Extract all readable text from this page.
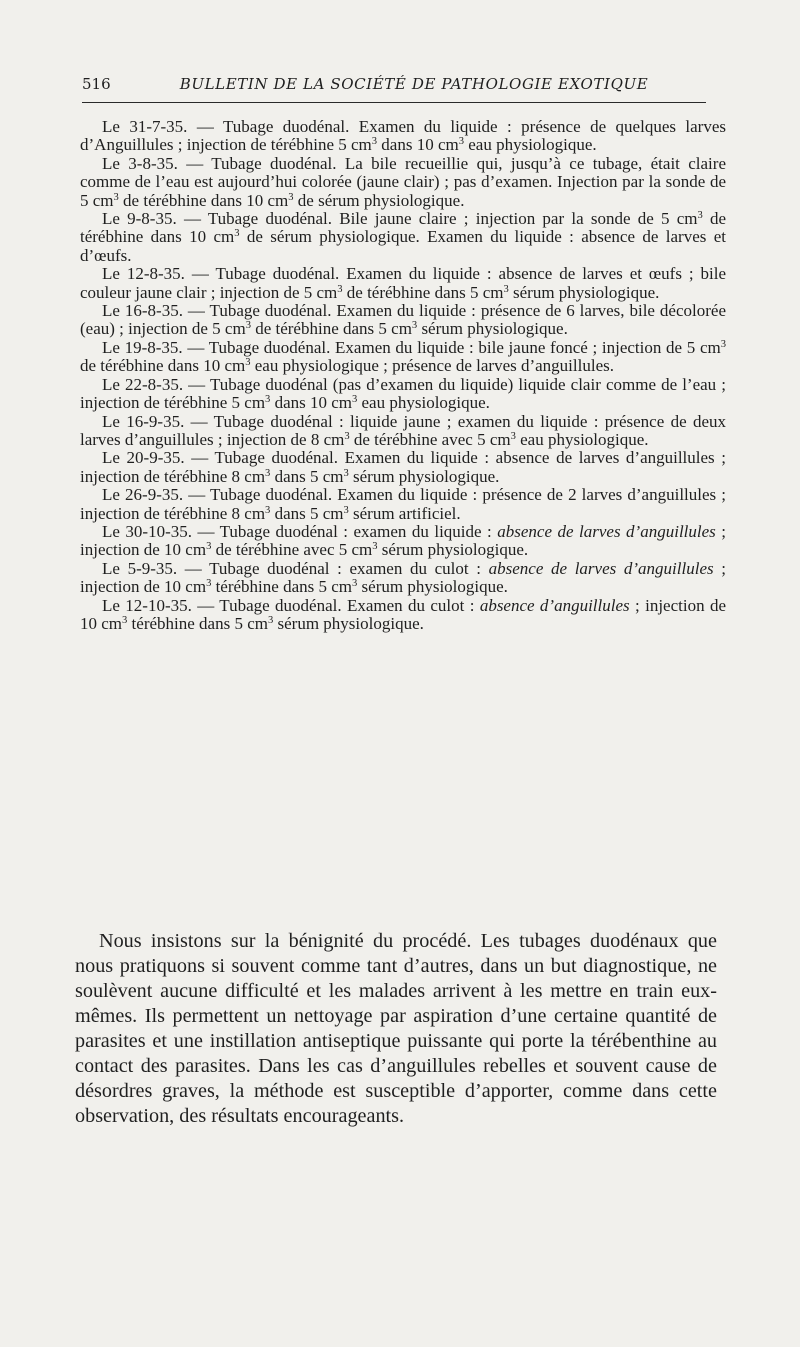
516	BULLETIN DE LA SOCIÉTÉ DE PATHOLOGIE EXOTIQUE

Le 31-7-35. — Tubage duodénal. Examen du liquide : présence de quelques larves d’Anguillules ; injection de térébhine 5 $cm^3$ dans 10 $cm^3$ eau physiologique.

Le 3-8-35. — Tubage duodénal. La bile recueillie qui, jusqu’à ce tubage, était claire comme de l’eau est aujourd’hui colorée (jaune clair) ; pas d’examen. Injection par la sonde de 5 $cm^3$ de térébhine dans 10 $cm^3$ de sérum physiologique.

Le 9-8-35. — Tubage duodénal. Bile jaune claire ; injection par la sonde de 5 $cm^3$ de térébhine dans 10 $cm^3$ de sérum physiologique. Examen du liquide : absence de larves et d’œufs.

Le 12-8-35. — Tubage duodénal. Examen du liquide : absence de larves et œufs ; bile couleur jaune clair ; injection de 5 $cm^3$ de térébhine dans 5 $cm^3$ sérum physiologique.

Le 16-8-35. — Tubage duodénal. Examen du liquide : présence de 6 larves, bile décolorée (eau) ; injection de 5 $cm^3$ de térébhine dans 5 $cm^3$ sérum physiologique.

Le 19-8-35. — Tubage duodénal. Examen du liquide : bile jaune foncé ; injection de 5 $cm^3$ de térébhine dans 10 $cm^3$ eau physiologique ; présence de larves d’anguillules.

Le 22-8-35. — Tubage duodénal (pas d’examen du liquide) liquide clair comme de l’eau ; injection de térébhine 5 $cm^3$ dans 10 $cm^3$ eau physiologique.

Le 16-9-35. — Tubage duodénal : liquide jaune ; examen du liquide : présence de deux larves d’anguillules ; injection de 8 $cm^3$ de térébhine avec 5 $cm^3$ eau physiologique.

Le 20-9-35. — Tubage duodénal. Examen du liquide : absence de larves d’anguillules ; injection de térébhine 8 $cm^3$ dans 5 $cm^3$ sérum physiologique.

Le 26-9-35. — Tubage duodénal. Examen du liquide : présence de 2 larves d’anguillules ; injection de térébhine 8 $cm^3$ dans 5 $cm^3$ sérum artificiel.

Le 30-10-35. — Tubage duodénal : examen du liquide : absence de larves d’anguillules ; injection de 10 $cm^3$ de térébhine avec 5 $cm^3$ sérum physiologique.

Le 5-9-35. — Tubage duodénal : examen du culot : absence de larves d’anguillules ; injection de 10 $cm^3$ térébhine dans 5 $cm^3$ sérum physiologique.

Le 12-10-35. — Tubage duodénal. Examen du culot : absence d’anguillules ; injection de 10 $cm^3$ térébhine dans 5 $cm^3$ sérum physiologique.

Nous insistons sur la bénignité du procédé. Les tubages duodénaux que nous pratiquons si souvent comme tant d’autres, dans un but diagnostique, ne soulèvent aucune difficulté et les malades arrivent à les mettre en train eux-mêmes. Ils permettent un nettoyage par aspiration d’une certaine quantité de parasites et une instillation antiseptique puissante qui porte la térébenthine au contact des parasites. Dans les cas d’anguillules rebelles et souvent cause de désordres graves, la méthode est susceptible d’apporter, comme dans cette observation, des résultats encourageants.
